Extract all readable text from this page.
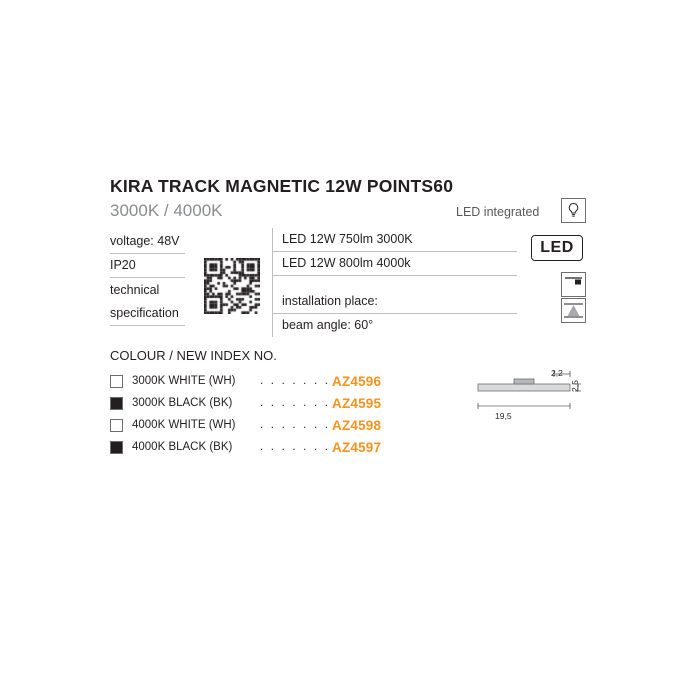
KIRA TRACK MAGNETIC 12W POINTS60
3000K / 4000K	LED integrated
voltage: 48V
IP20
technical
specification
LED 12W 750lm 3000K
LED 12W 800lm 4000k
installation place:
beam angle: 60°
LED
COLOUR / NEW INDEX NO.
3000K WHITE (WH)	. . . . . . . AZ4596
3000K BLACK (BK)	. . . . . . . AZ4595
4000K WHITE (WH)	. . . . . . . AZ4598
4000K BLACK (BK)	. . . . . . . AZ4597
2,2
19,5
2,5
